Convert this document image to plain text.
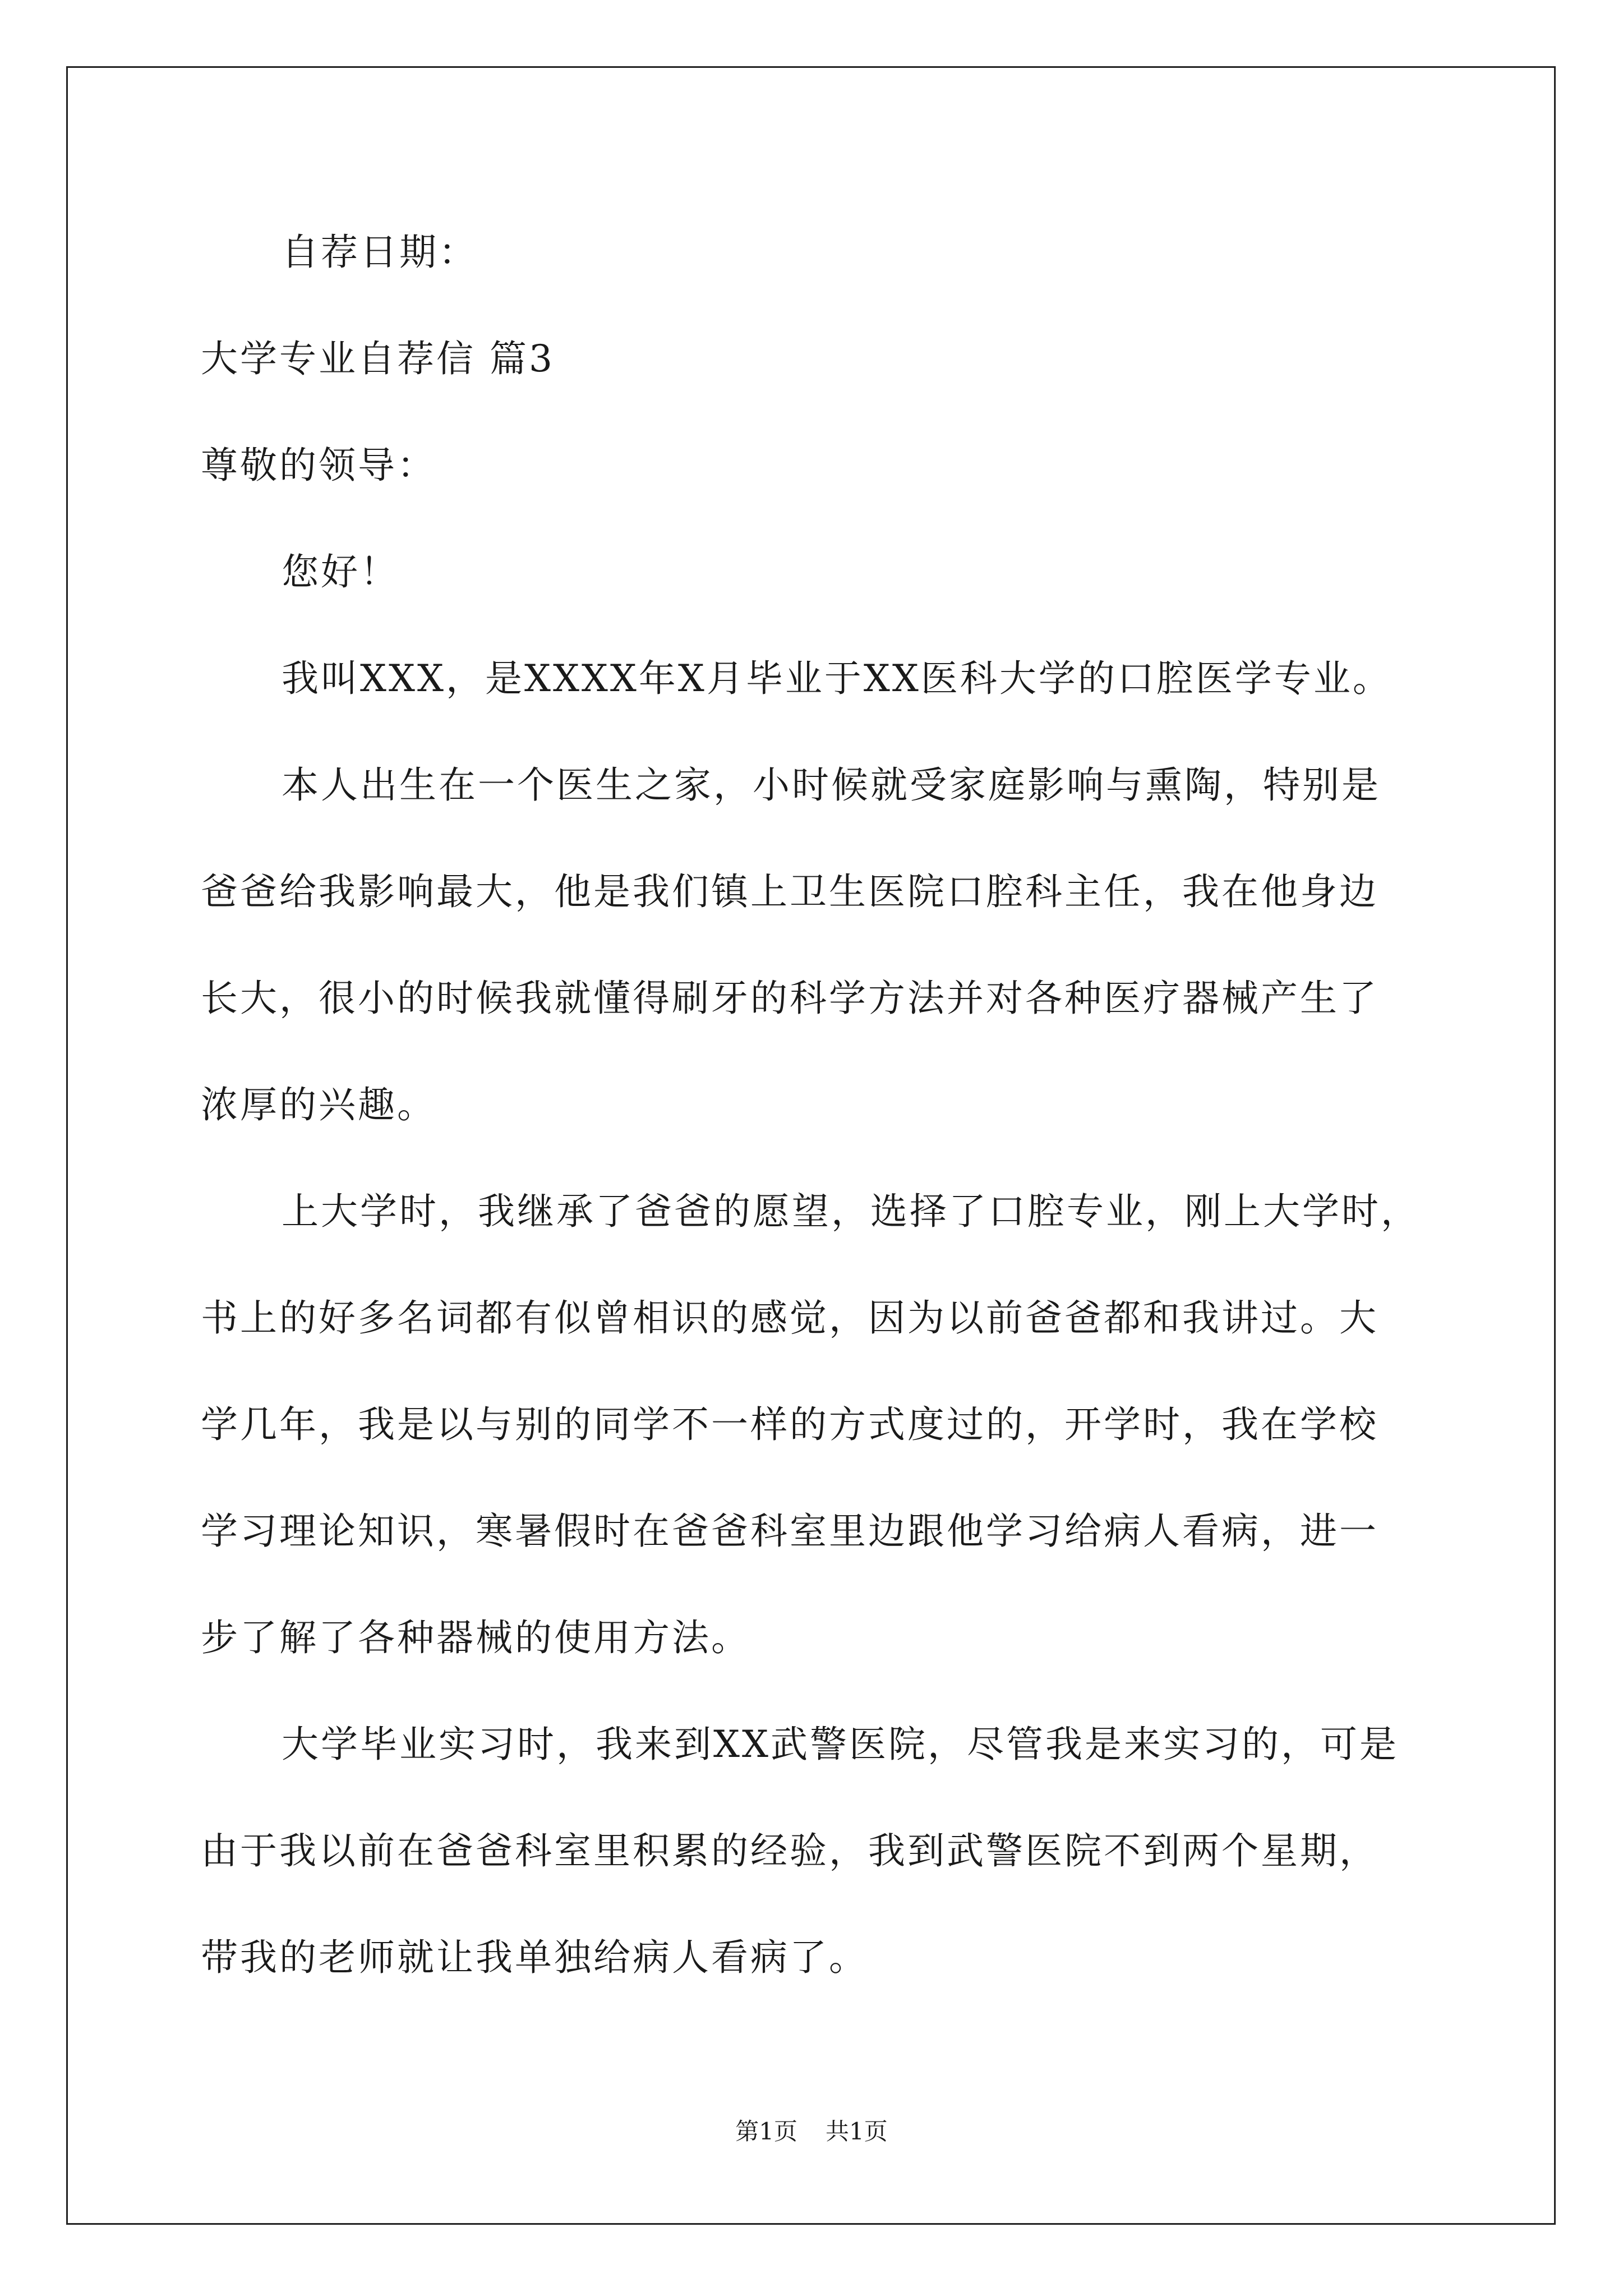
自荐日期：
大学专业自荐信 篇3
尊敬的领导：
您好！
我叫XXX，是XXXX年X月毕业于XX医科大学的口腔医学专业。
本人出生在一个医生之家，小时候就受家庭影响与熏陶，特别是
爸爸给我影响最大，他是我们镇上卫生医院口腔科主任，我在他身边
长大，很小的时候我就懂得刷牙的科学方法并对各种医疗器械产生了
浓厚的兴趣。
上大学时，我继承了爸爸的愿望，选择了口腔专业，刚上大学时，
书上的好多名词都有似曾相识的感觉，因为以前爸爸都和我讲过。大
学几年，我是以与别的同学不一样的方式度过的，开学时，我在学校
学习理论知识，寒暑假时在爸爸科室里边跟他学习给病人看病，进一
步了解了各种器械的使用方法。
大学毕业实习时，我来到XX武警医院，尽管我是来实习的，可是
由于我以前在爸爸科室里积累的经验，我到武警医院不到两个星期，
带我的老师就让我单独给病人看病了。
第1页 共1页
